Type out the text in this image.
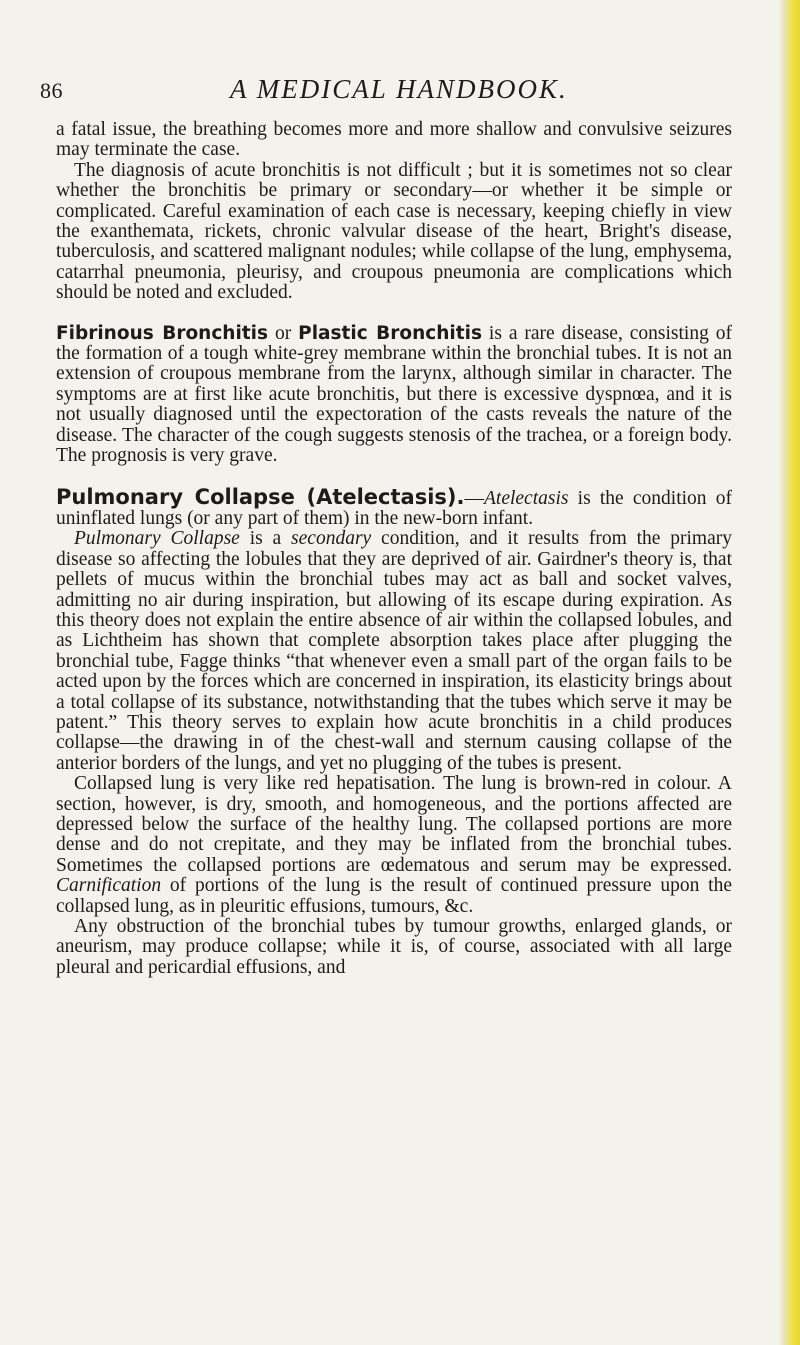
86	A MEDICAL HANDBOOK.

a fatal issue, the breathing becomes more and more shallow and convulsive seizures may terminate the case.

The diagnosis of acute bronchitis is not difficult ; but it is sometimes not so clear whether the bronchitis be primary or secondary—or whether it be simple or complicated. Careful examination of each case is necessary, keeping chiefly in view the exanthemata, rickets, chronic valvular disease of the heart, Bright's disease, tuberculosis, and scattered malignant nodules; while collapse of the lung, emphysema, catarrhal pneumonia, pleurisy, and croupous pneumonia are complications which should be noted and excluded.

Fibrinous Bronchitis or Plastic Bronchitis is a rare disease, consisting of the formation of a tough white-grey membrane within the bronchial tubes. It is not an extension of croupous membrane from the larynx, although similar in character. The symptoms are at first like acute bronchitis, but there is excessive dyspnœa, and it is not usually diagnosed until the expectoration of the casts reveals the nature of the disease. The character of the cough suggests stenosis of the trachea, or a foreign body. The prognosis is very grave.

Pulmonary Collapse (Atelectasis).—Atelectasis is the condition of uninflated lungs (or any part of them) in the new-born infant.

Pulmonary Collapse is a secondary condition, and it results from the primary disease so affecting the lobules that they are deprived of air. Gairdner's theory is, that pellets of mucus within the bronchial tubes may act as ball and socket valves, admitting no air during inspiration, but allowing of its escape during expiration. As this theory does not explain the entire absence of air within the collapsed lobules, and as Lichtheim has shown that complete absorption takes place after plugging the bronchial tube, Fagge thinks “that whenever even a small part of the organ fails to be acted upon by the forces which are concerned in inspiration, its elasticity brings about a total collapse of its substance, notwithstanding that the tubes which serve it may be patent.” This theory serves to explain how acute bronchitis in a child produces collapse—the drawing in of the chest-wall and sternum causing collapse of the anterior borders of the lungs, and yet no plugging of the tubes is present.

Collapsed lung is very like red hepatisation. The lung is brown-red in colour. A section, however, is dry, smooth, and homogeneous, and the portions affected are depressed below the surface of the healthy lung. The collapsed portions are more dense and do not crepitate, and they may be inflated from the bronchial tubes. Sometimes the collapsed portions are œdematous and serum may be expressed. Carnification of portions of the lung is the result of continued pressure upon the collapsed lung, as in pleuritic effusions, tumours, &c.

Any obstruction of the bronchial tubes by tumour growths, enlarged glands, or aneurism, may produce collapse; while it is, of course, associated with all large pleural and pericardial effusions, and
